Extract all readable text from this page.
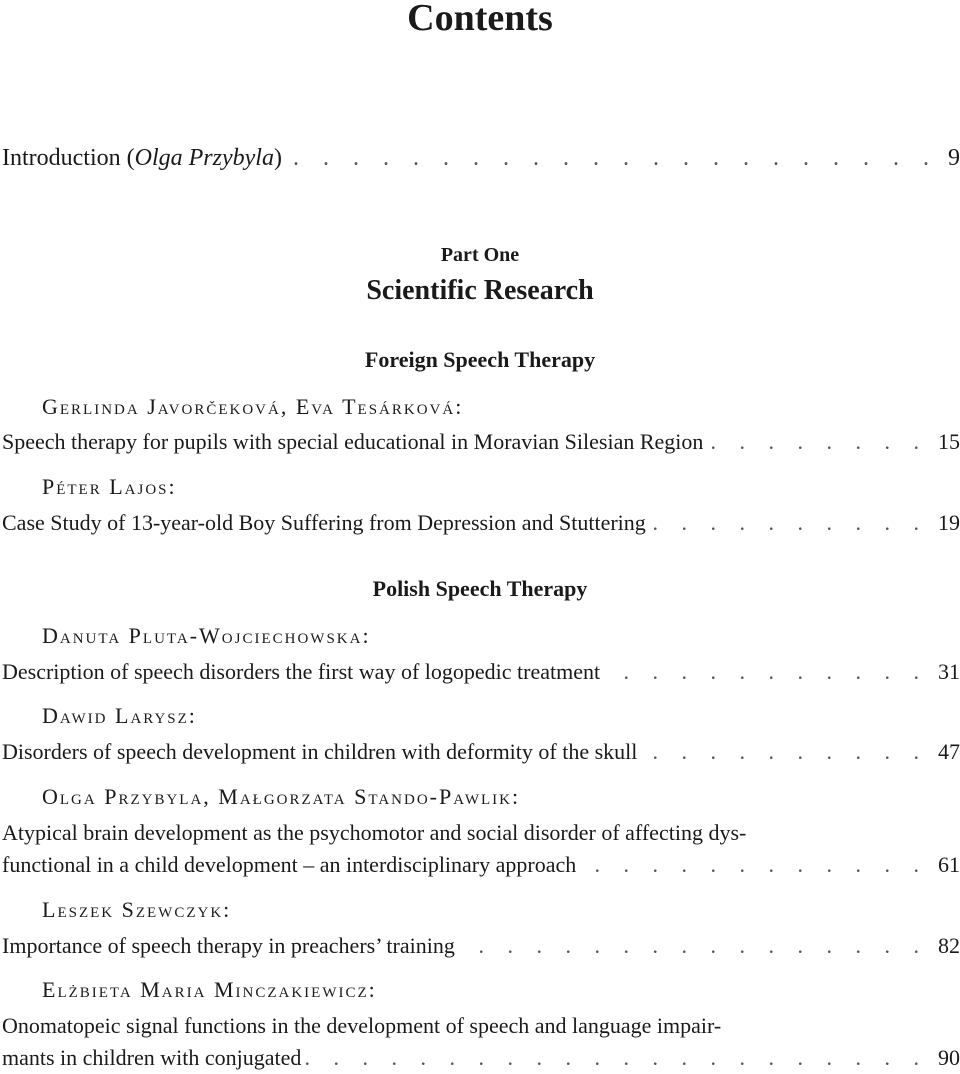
Contents
Introduction (Olga Przybyla) . . .	9
Part One
Scientific Research
Foreign Speech Therapy
Gerlinda Javorčeková, Eva Tesárková:
Speech therapy for pupils with special educational in Moravian Silesian Region . . .	15
Péter Lajos:
Case Study of 13-year-old Boy Suffering from Depression and Stuttering . . .	19
Polish Speech Therapy
Danuta Pluta-Wojciechowska:
Description of speech disorders the first way of logopedic treatment . . .	31
Dawid Larysz:
Disorders of speech development in children with deformity of the skull . . .	47
Olga Przybyla, Małgorzata Stando-Pawlik:
Atypical brain development as the psychomotor and social disorder of affecting dys-
functional in a child development – an interdisciplinary approach . . .	61
Leszek Szewczyk:
Importance of speech therapy in preachers’ training . . .	82
Elżbieta Maria Minczakiewicz:
Onomatopeic signal functions in the development of speech and language impair-
mants in children with conjugated . . .	90
